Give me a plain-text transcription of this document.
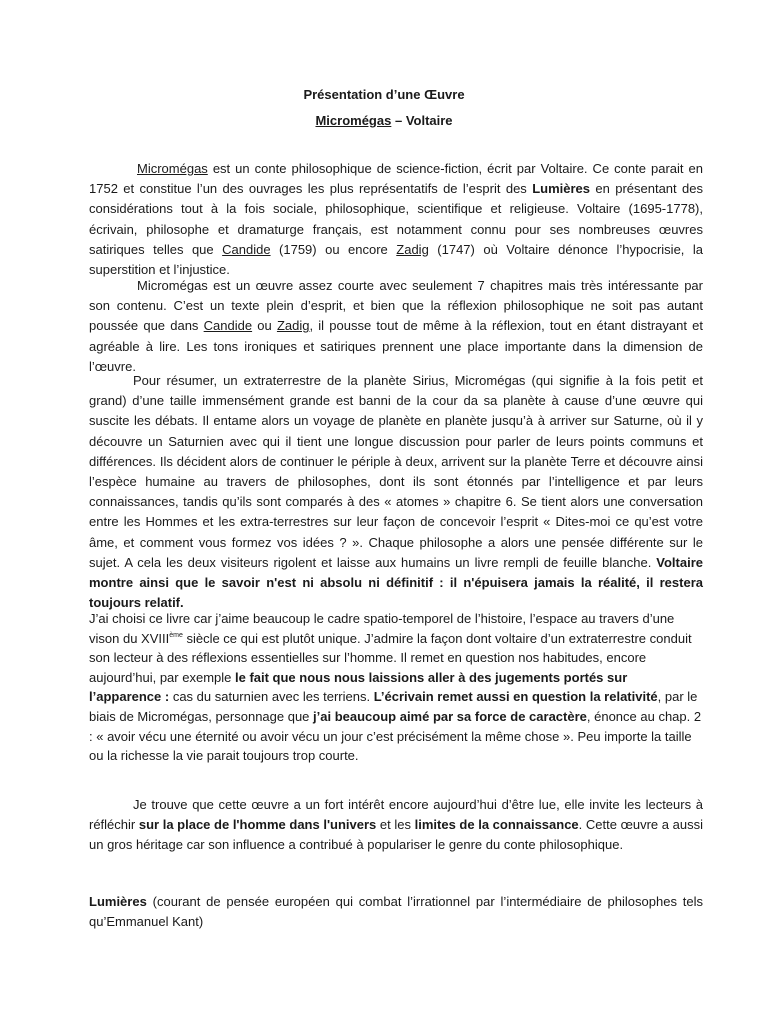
Présentation d’une Œuvre
Micromégas – Voltaire

Micromégas est un conte philosophique de science-fiction, écrit par Voltaire. Ce conte parait en 1752 et constitue l’un des ouvrages les plus représentatifs de l’esprit des Lumières en présentant des considérations tout à la fois sociale, philosophique, scientifique et religieuse. Voltaire (1695-1778), écrivain, philosophe et dramaturge français, est notamment connu pour ses nombreuses œuvres satiriques telles que Candide (1759) ou encore Zadig (1747) où Voltaire dénonce l’hypocrisie, la superstition et l’injustice.

Micromégas est un œuvre assez courte avec seulement 7 chapitres mais très intéressante par son contenu. C’est un texte plein d’esprit, et bien que la réflexion philosophique ne soit pas autant poussée que dans Candide ou Zadig, il pousse tout de même à la réflexion, tout en étant distrayant et agréable à lire. Les tons ironiques et satiriques prennent une place importante dans la dimension de l’œuvre.

Pour résumer, un extraterrestre de la planète Sirius, Micromégas (qui signifie à la fois petit et grand) d’une taille immensément grande est banni de la cour da sa planète à cause d’une œuvre qui suscite les débats. Il entame alors un voyage de planète en planète jusqu’à à arriver sur Saturne, où il y découvre un Saturnien avec qui il tient une longue discussion pour parler de leurs points communs et différences. Ils décident alors de continuer le périple à deux, arrivent sur la planète Terre et découvre ainsi l’espèce humaine au travers de philosophes, dont ils sont étonnés par l’intelligence et par leurs connaissances, tandis qu’ils sont comparés à des « atomes » chapitre 6. Se tient alors une conversation entre les Hommes et les extra-terrestres sur leur façon de concevoir l’esprit « Dites-moi ce qu’est votre âme, et comment vous formez vos idées ? ». Chaque philosophe a alors une pensée différente sur le sujet. A cela les deux visiteurs rigolent et laisse aux humains un livre rempli de feuille blanche. Voltaire montre ainsi que le savoir n'est ni absolu ni définitif : il n'épuisera jamais la réalité, il restera toujours relatif.

J’ai choisi ce livre car j’aime beaucoup le cadre spatio-temporel de l’histoire, l’espace au travers d’une vison du XVIIIème siècle ce qui est plutôt unique. J’admire la façon dont voltaire d’un extraterrestre conduit son lecteur à des réflexions essentielles sur l’homme. Il remet en question nos habitudes, encore aujourd’hui, par exemple le fait que nous nous laissions aller à des jugements portés sur l’apparence : cas du saturnien avec les terriens. L’écrivain remet aussi en question la relativité, par le biais de Micromégas, personnage que j’ai beaucoup aimé par sa force de caractère, énonce au chap. 2 : « avoir vécu une éternité ou avoir vécu un jour c’est précisément la même chose ». Peu importe la taille ou la richesse la vie parait toujours trop courte.

Je trouve que cette œuvre a un fort intérêt encore aujourd’hui d’être lue, elle invite les lecteurs à réfléchir sur la place de l'homme dans l'univers et les limites de la connaissance. Cette œuvre a aussi un gros héritage car son influence a contribué à populariser le genre du conte philosophique.

Lumières (courant de pensée européen qui combat l’irrationnel par l’intermédiaire de philosophes tels qu’Emmanuel Kant)
